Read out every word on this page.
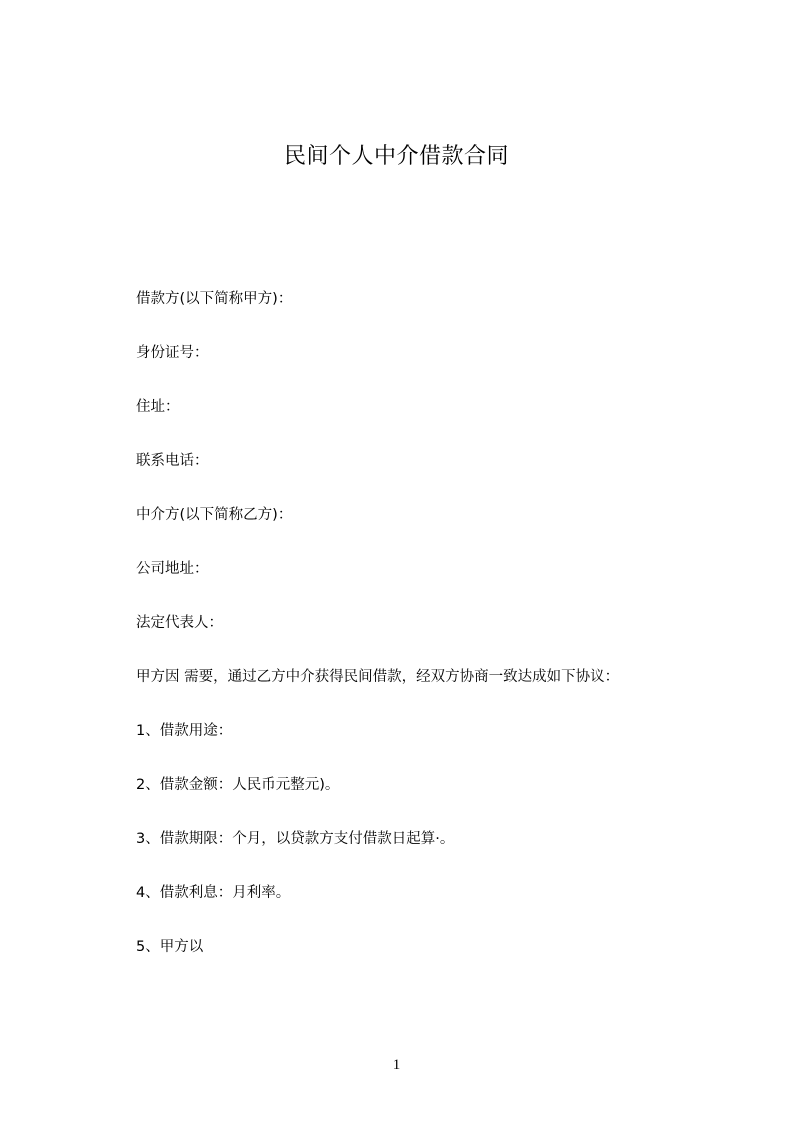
民间个人中介借款合同
借款方(以下简称甲方)：
身份证号：
住址：
联系电话：
中介方(以下简称乙方)：
公司地址：
法定代表人：
甲方因 需要，通过乙方中介获得民间借款，经双方协商一致达成如下协议：
1、借款用途：
2、借款金额：人民币元整元)。
3、借款期限：个月，以贷款方支付借款日起算·。
4、借款利息：月利率。
5、甲方以
1
